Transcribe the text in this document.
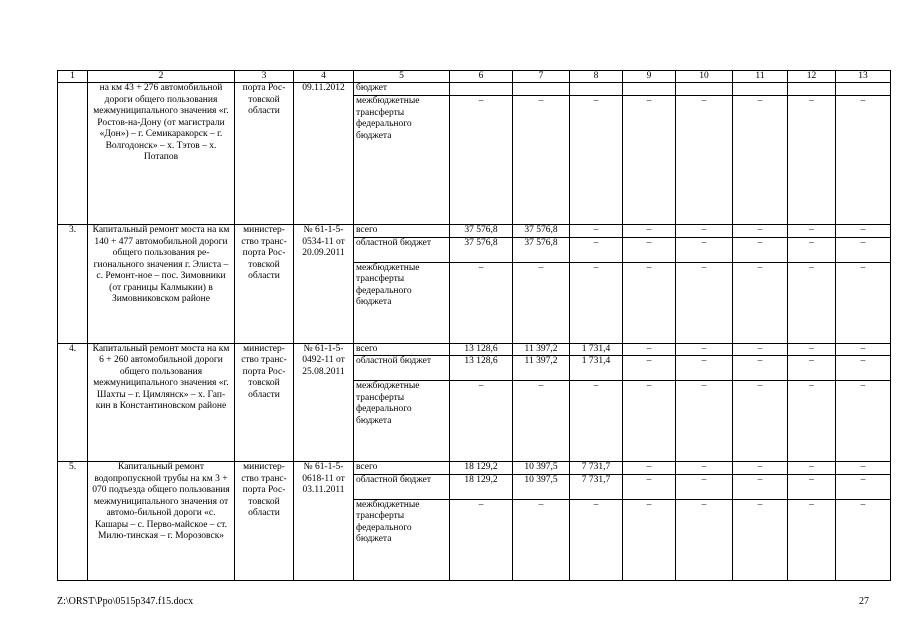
1	2	3	4	5	6	7	8	9	10	11	12	13
	на км 43 + 276 автомобильной дороги общего пользования межмуниципального значения «г. Ростов-на-Дону (от магистрали «Дон») – г. Семикаракорск – г. Волгодонск» – х. Тэтов – х. Потапов	порта Рос-товской области	09.11.2012	бюджет								
				межбюджетные трансферты федерального бюджета	–	–	–	–	–	–	–	–
3.	Капитальный ремонт моста на км 140 + 477 автомобильной дороги общего пользования ре-гионального значения г. Элиста – с. Ремонт-ное – пос. Зимовники (от границы Калмыкии) в Зимовниковском районе	министер-ство транс-порта Рос-товской области	№ 61-1-5-0534-11 от 20.09.2011	всего	37 576,8	37 576,8	–	–	–	–	–	–
				областной бюджет	37 576,8	37 576,8	–	–	–	–	–	–
				межбюджетные трансферты федерального бюджета	–	–	–	–	–	–	–	–
4.	Капитальный ремонт моста на км 6 + 260 автомобильной дороги общего пользования межмуниципального значения «г. Шахты – г. Цимлянск» – х. Гап-кин в Константиновском районе	министер-ство транс-порта Рос-товской области	№ 61-1-5-0492-11 от 25.08.2011	всего	13 128,6	11 397,2	1 731,4	–	–	–	–	–
				областной бюджет	13 128,6	11 397,2	1 731,4	–	–	–	–	–
				межбюджетные трансферты федерального бюджета	–	–	–	–	–	–	–	–
5.	Капитальный ремонт водопропускной трубы на км 3 + 070 подъезда общего пользования межмуниципального значения от автомо-бильной дороги «с. Кашары – с. Перво-майское – ст. Милю-тинская – г. Морозовск»	министер-ство транс-порта Рос-товской области	№ 61-1-5-0618-11 от 03.11.2011	всего	18 129,2	10 397,5	7 731,7	–	–	–	–	–
				областной бюджет	18 129,2	10 397,5	7 731,7	–	–	–	–	–
				межбюджетные трансферты федерального бюджета	–	–	–	–	–	–	–	–
Z:\ORST\Ppo\0515p347.f15.docx	27
